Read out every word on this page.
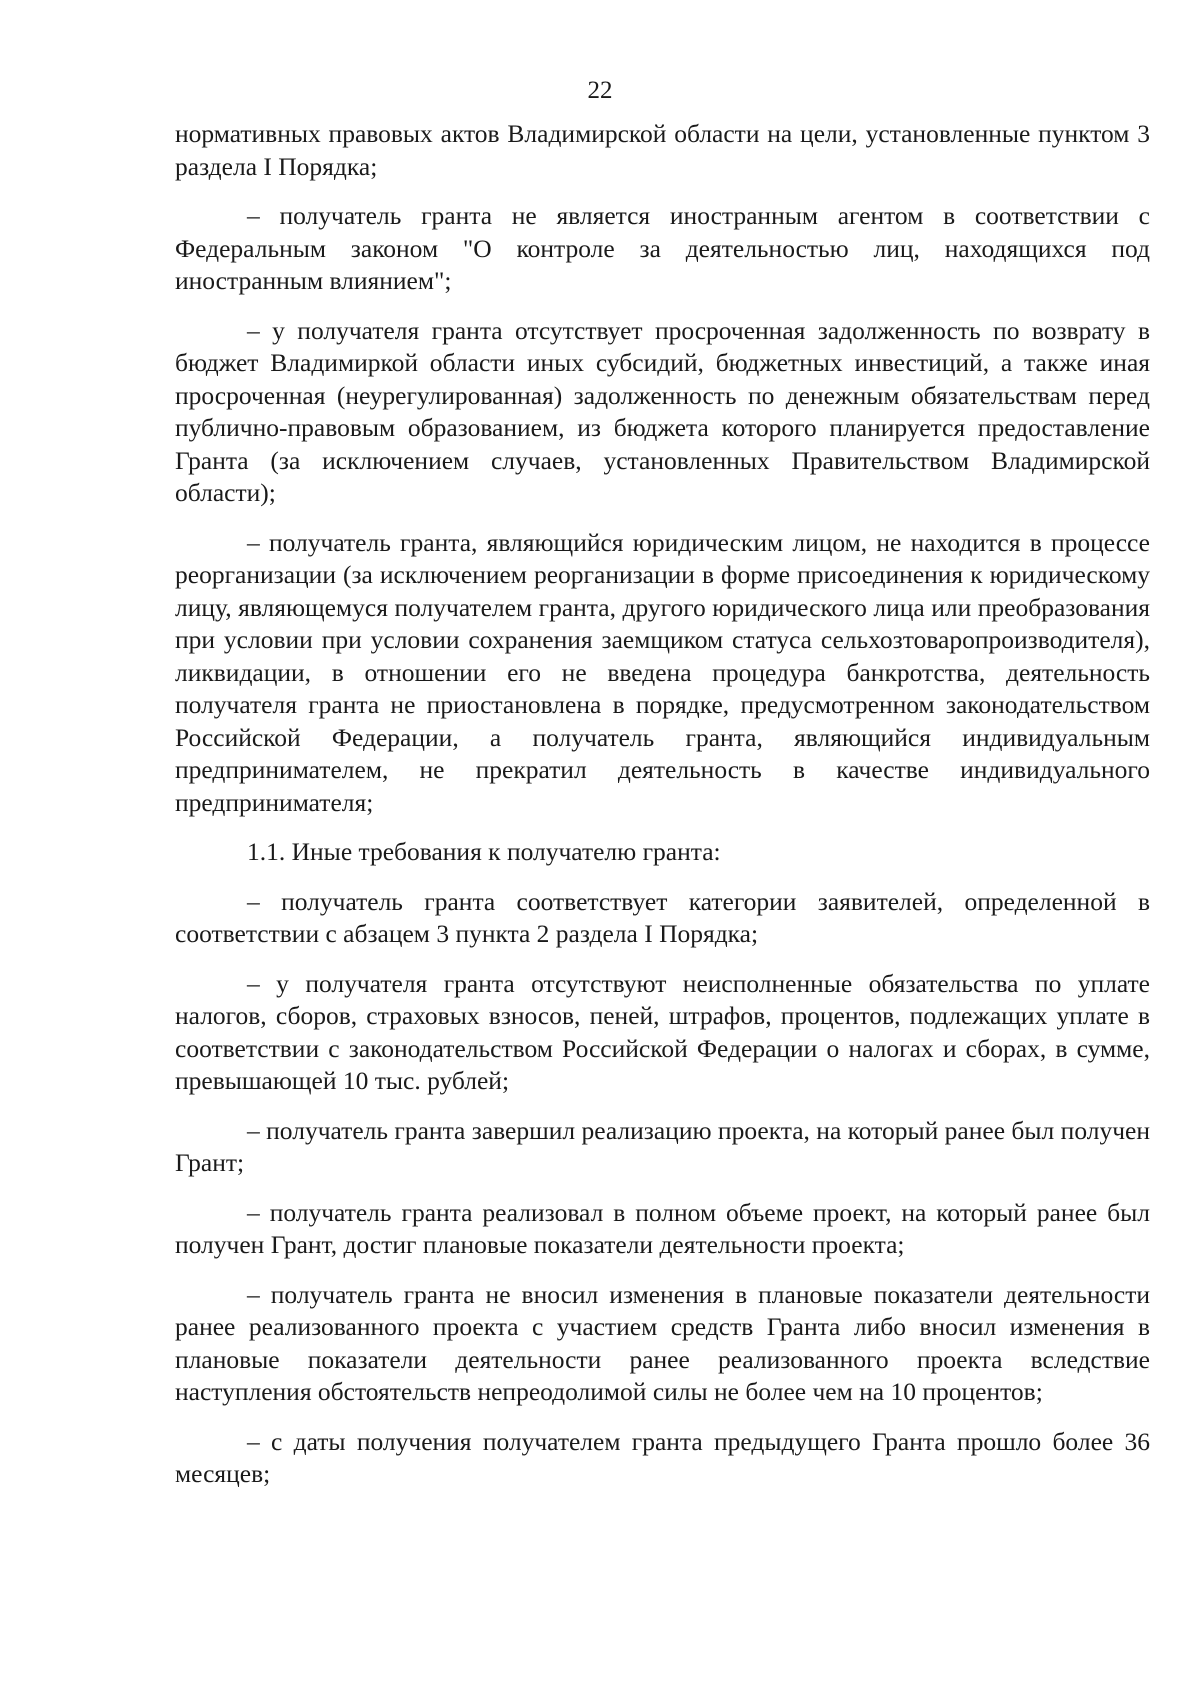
22

нормативных правовых актов Владимирской области на цели, установленные пунктом 3 раздела I Порядка;

– получатель гранта не является иностранным агентом в соответствии с Федеральным законом "О контроле за деятельностью лиц, находящихся под иностранным влиянием";

– у получателя гранта отсутствует просроченная задолженность по возврату в бюджет Владимиркой области иных субсидий, бюджетных инвестиций, а также иная просроченная (неурегулированная) задолженность по денежным обязательствам перед публично-правовым образованием, из бюджета которого планируется предоставление Гранта (за исключением случаев, установленных Правительством Владимирской области);

– получатель гранта, являющийся юридическим лицом, не находится в процессе реорганизации (за исключением реорганизации в форме присоединения к юридическому лицу, являющемуся получателем гранта, другого юридического лица или преобразования при условии при условии сохранения заемщиком статуса сельхозтоваропроизводителя), ликвидации, в отношении его не введена процедура банкротства, деятельность получателя гранта не приостановлена в порядке, предусмотренном законодательством Российской Федерации, а получатель гранта, являющийся индивидуальным предпринимателем, не прекратил деятельность в качестве индивидуального предпринимателя;

1.1. Иные требования к получателю гранта:

– получатель гранта соответствует категории заявителей, определенной в соответствии с абзацем 3 пункта 2 раздела I Порядка;

– у получателя гранта отсутствуют неисполненные обязательства по уплате налогов, сборов, страховых взносов, пеней, штрафов, процентов, подлежащих уплате в соответствии с законодательством Российской Федерации о налогах и сборах, в сумме, превышающей 10 тыс. рублей;

– получатель гранта завершил реализацию проекта, на который ранее был получен Грант;

– получатель гранта реализовал в полном объеме проект, на который ранее был получен Грант, достиг плановые показатели деятельности проекта;

– получатель гранта не вносил изменения в плановые показатели деятельности ранее реализованного проекта с участием средств Гранта либо вносил изменения в плановые показатели деятельности ранее реализованного проекта вследствие наступления обстоятельств непреодолимой силы не более чем на 10 процентов;

– с даты получения получателем гранта предыдущего Гранта прошло более 36 месяцев;
